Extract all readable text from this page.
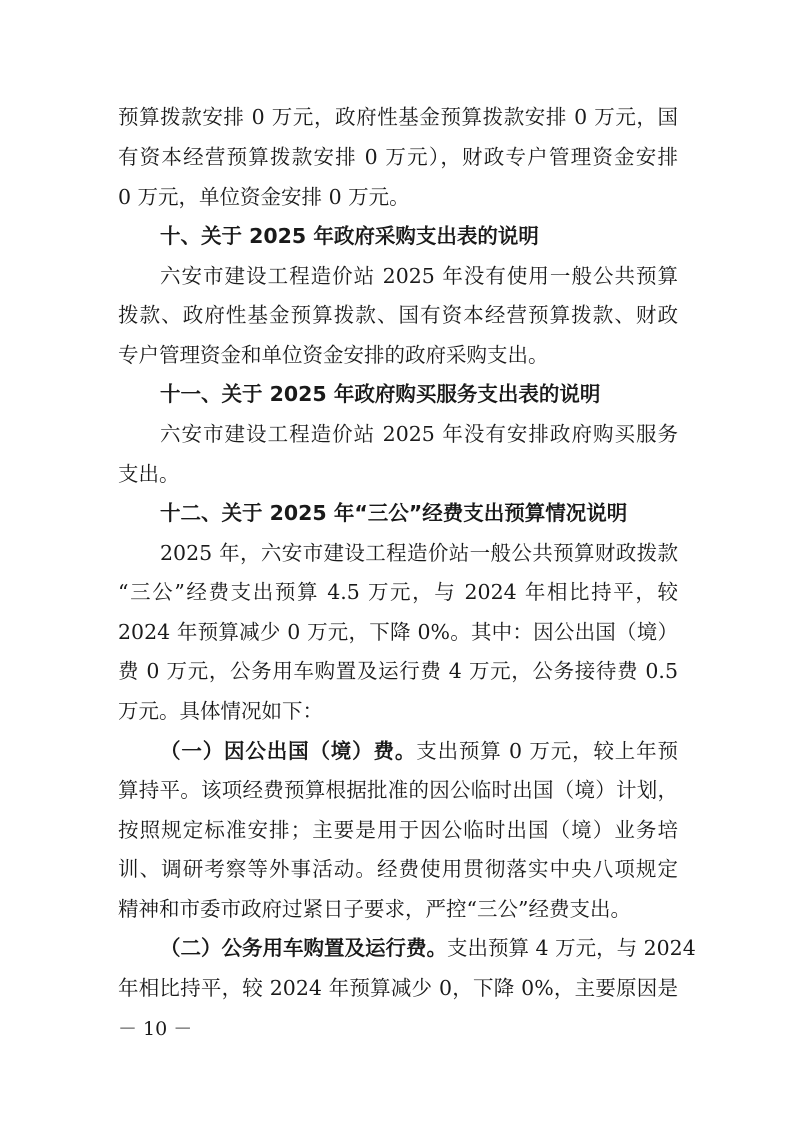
预算拨款安排 0 万元，政府性基金预算拨款安排 0 万元，国
有资本经营预算拨款安排 0 万元），财政专户管理资金安排
0 万元，单位资金安排 0 万元。
十、关于 2025 年政府采购支出表的说明
六安市建设工程造价站 2025 年没有使用一般公共预算
拨款、政府性基金预算拨款、国有资本经营预算拨款、财政
专户管理资金和单位资金安排的政府采购支出。
十一、关于 2025 年政府购买服务支出表的说明
六安市建设工程造价站 2025 年没有安排政府购买服务
支出。
十二、关于 2025 年“三公”经费支出预算情况说明
2025 年，六安市建设工程造价站一般公共预算财政拨款
“三公”经费支出预算 4.5 万元，与 2024 年相比持平，较
2024 年预算减少 0 万元，下降 0%。其中：因公出国（境）
费 0 万元，公务用车购置及运行费 4 万元，公务接待费 0.5
万元。具体情况如下：
（一）因公出国（境）费。支出预算 0 万元，较上年预
算持平。该项经费预算根据批准的因公临时出国（境）计划，
按照规定标准安排；主要是用于因公临时出国（境）业务培
训、调研考察等外事活动。经费使用贯彻落实中央八项规定
精神和市委市政府过紧日子要求，严控“三公”经费支出。
（二）公务用车购置及运行费。支出预算 4 万元，与 2024
年相比持平，较 2024 年预算减少 0，下降 0%，主要原因是
－ 10 －
